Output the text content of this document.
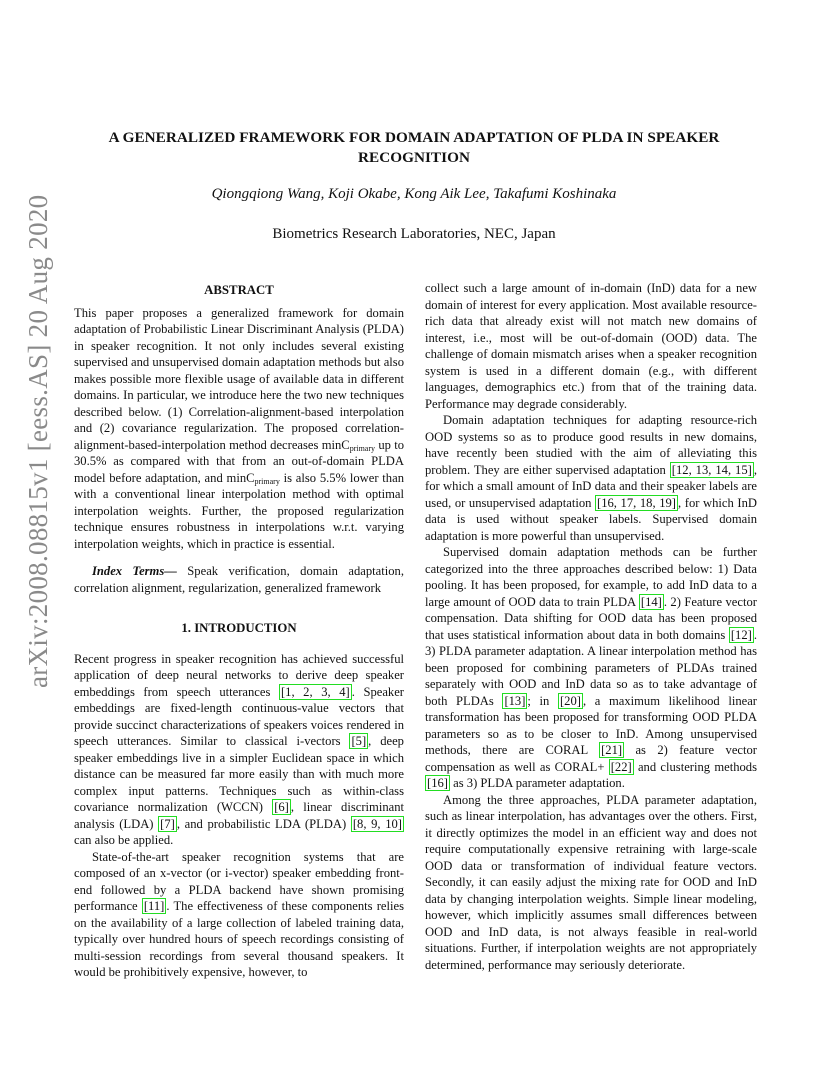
A GENERALIZED FRAMEWORK FOR DOMAIN ADAPTATION OF PLDA IN SPEAKER RECOGNITION
Qiongqiong Wang, Koji Okabe, Kong Aik Lee, Takafumi Koshinaka
Biometrics Research Laboratories, NEC, Japan
arXiv:2008.08815v1 [eess.AS] 20 Aug 2020	ABSTRACT

This paper proposes a generalized framework for domain adaptation of Probabilistic Linear Discriminant Analysis (PLDA) in speaker recognition. It not only includes several existing supervised and unsupervised domain adaptation methods but also makes possible more flexible usage of available data in different domains. In particular, we introduce here the two new techniques described below. (1) Correlation-alignment-based interpolation and (2) covariance regularization. The proposed correlation-alignment-based-interpolation method decreases minC$_{primary}$ up to 30.5% as compared with that from an out-of-domain PLDA model before adaptation, and minC$_{primary}$ is also 5.5% lower than with a conventional linear interpolation method with optimal interpolation weights. Further, the proposed regularization technique ensures robustness in interpolations w.r.t. varying interpolation weights, which in practice is essential.

Index Terms— Speak verification, domain adaptation, correlation alignment, regularization, generalized framework

1. INTRODUCTION

Recent progress in speaker recognition has achieved successful application of deep neural networks to derive deep speaker embeddings from speech utterances [1, 2, 3, 4] . Speaker embeddings are fixed-length continuous-value vectors that provide succinct characterizations of speakers voices rendered in speech utterances. Similar to classical i-vectors [5] , deep speaker embeddings live in a simpler Euclidean space in which distance can be measured far more easily than with much more complex input patterns. Techniques such as within-class covariance normalization (WCCN) [6] , linear discriminant analysis (LDA) [7] , and probabilistic LDA (PLDA) [8, 9, 10] can also be applied.

State-of-the-art speaker recognition systems that are composed of an x-vector (or i-vector) speaker embedding front-end followed by a PLDA backend have shown promising performance [11] . The effectiveness of these components relies on the availability of a large collection of labeled training data, typically over hundred hours of speech recordings consisting of multi-session recordings from several thousand speakers. It would be prohibitively expensive, however, to

collect such a large amount of in-domain (InD) data for a new domain of interest for every application. Most available resource-rich data that already exist will not match new domains of interest, i.e., most will be out-of-domain (OOD) data. The challenge of domain mismatch arises when a speaker recognition system is used in a different domain (e.g., with different languages, demographics etc.) from that of the training data. Performance may degrade considerably.

Domain adaptation techniques for adapting resource-rich OOD systems so as to produce good results in new domains, have recently been studied with the aim of alleviating this problem. They are either supervised adaptation [12, 13, 14, 15] , for which a small amount of InD data and their speaker labels are used, or unsupervised adaptation [16, 17, 18, 19] , for which InD data is used without speaker labels. Supervised domain adaptation is more powerful than unsupervised.

Supervised domain adaptation methods can be further categorized into the three approaches described below: 1) Data pooling. It has been proposed, for example, to add InD data to a large amount of OOD data to train PLDA [14] . 2) Feature vector compensation. Data shifting for OOD data has been proposed that uses statistical information about data in both domains [12] . 3) PLDA parameter adaptation. A linear interpolation method has been proposed for combining parameters of PLDAs trained separately with OOD and InD data so as to take advantage of both PLDAs [13] ; in [20] , a maximum likelihood linear transformation has been proposed for transforming OOD PLDA parameters so as to be closer to InD. Among unsupervised methods, there are CORAL [21] as 2) feature vector compensation as well as CORAL+ [22] and clustering methods [16] as 3) PLDA parameter adaptation.

Among the three approaches, PLDA parameter adaptation, such as linear interpolation, has advantages over the others. First, it directly optimizes the model in an efficient way and does not require computationally expensive retraining with large-scale OOD data or transformation of individual feature vectors. Secondly, it can easily adjust the mixing rate for OOD and InD data by changing interpolation weights. Simple linear modeling, however, which implicitly assumes small differences between OOD and InD data, is not always feasible in real-world situations. Further, if interpolation weights are not appropriately determined, performance may seriously deteriorate.
